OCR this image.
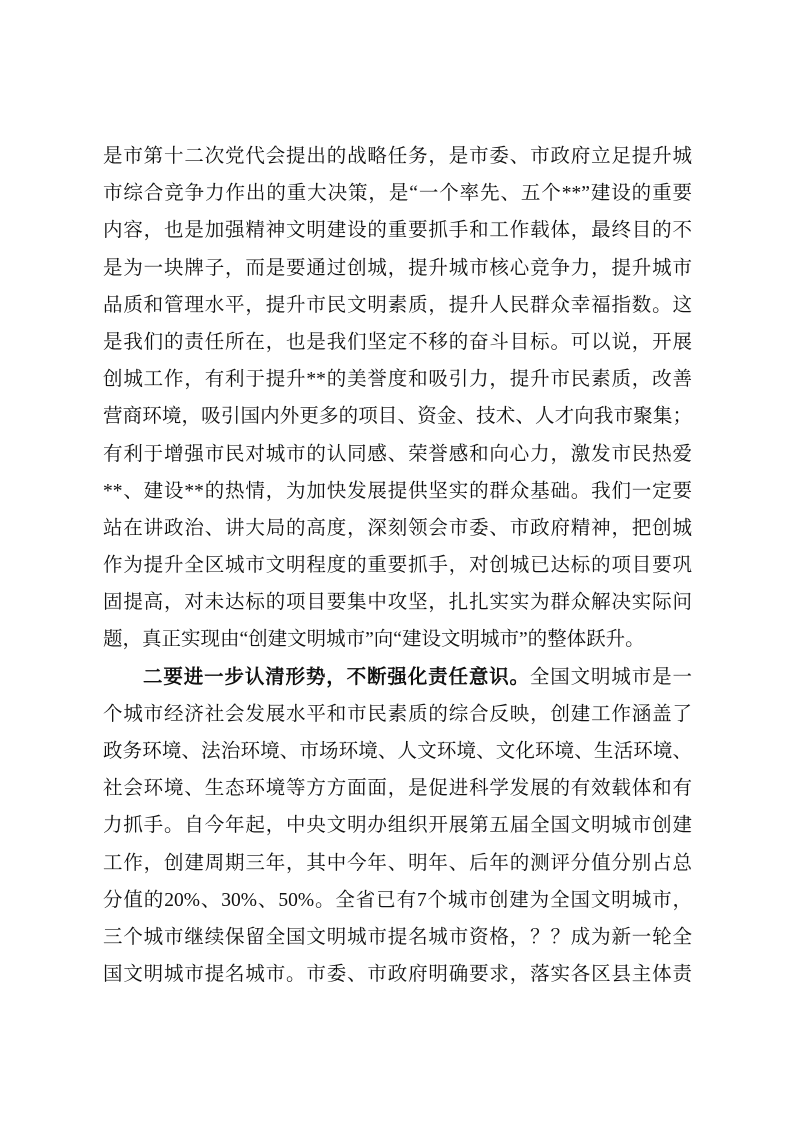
是市第十二次党代会提出的战略任务，是市委、市政府立足提升城
市综合竞争力作出的重大决策，是“一个率先、五个**”建设的重要
内容，也是加强精神文明建设的重要抓手和工作载体，最终目的不
是为一块牌子，而是要通过创城，提升城市核心竞争力，提升城市
品质和管理水平，提升市民文明素质，提升人民群众幸福指数。这
是我们的责任所在，也是我们坚定不移的奋斗目标。可以说，开展
创城工作，有利于提升**的美誉度和吸引力，提升市民素质，改善
营商环境，吸引国内外更多的项目、资金、技术、人才向我市聚集；
有利于增强市民对城市的认同感、荣誉感和向心力，激发市民热爱
**、建设**的热情，为加快发展提供坚实的群众基础。我们一定要
站在讲政治、讲大局的高度，深刻领会市委、市政府精神，把创城
作为提升全区城市文明程度的重要抓手，对创城已达标的项目要巩
固提高，对未达标的项目要集中攻坚，扎扎实实为群众解决实际问
题，真正实现由“创建文明城市”向“建设文明城市”的整体跃升。
二要进一步认清形势，不断强化责任意识。全国文明城市是一
个城市经济社会发展水平和市民素质的综合反映，创建工作涵盖了
政务环境、法治环境、市场环境、人文环境、文化环境、生活环境、
社会环境、生态环境等方方面面，是促进科学发展的有效载体和有
力抓手。自今年起，中央文明办组织开展第五届全国文明城市创建
工作，创建周期三年，其中今年、明年、后年的测评分值分别占总
分值的20%、30%、50%。全省已有7个城市创建为全国文明城市，
三个城市继续保留全国文明城市提名城市资格，？？成为新一轮全
国文明城市提名城市。市委、市政府明确要求，落实各区县主体责
